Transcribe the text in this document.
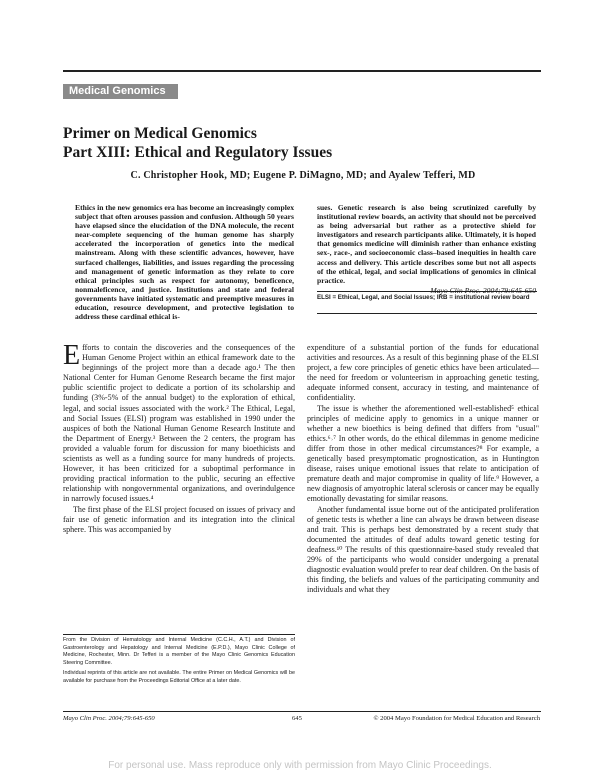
Medical Genomics
Primer on Medical Genomics
Part XIII: Ethical and Regulatory Issues
C. Christopher Hook, MD; Eugene P. DiMagno, MD; and Ayalew Tefferi, MD

Ethics in the new genomics era has become an increasingly complex subject that often arouses passion and confusion. Although 50 years have elapsed since the elucidation of the DNA molecule, the recent near-complete sequencing of the human genome has sharply accelerated the incorporation of genetics into the medical mainstream. Along with these scientific advances, however, have surfaced challenges, liabilities, and issues regarding the processing and management of genetic information as they relate to core ethical principles such as respect for autonomy, beneficence, nonmaleficence, and justice. Institutions and state and federal governments have initiated systematic and preemptive measures in education, resource development, and protective legislation to address these cardinal ethical is-

sues. Genetic research is also being scrutinized carefully by institutional review boards, an activity that should not be perceived as being adversarial but rather as a protective shield for investigators and research participants alike. Ultimately, it is hoped that genomics medicine will diminish rather than enhance existing sex-, race-, and socioeconomic class–based inequities in health care access and delivery. This article describes some but not all aspects of the ethical, legal, and social implications of genomics in clinical practice.

Mayo Clin Proc. 2004;79:645-650
ELSI = Ethical, Legal, and Social Issues; IRB = institutional review board

Efforts to contain the discoveries and the consequences of the Human Genome Project within an ethical framework date to the beginnings of the project more than a decade ago.¹ The then National Center for Human Genome Research became the first major public scientific project to dedicate a portion of its scholarship and funding (3%-5% of the annual budget) to the exploration of ethical, legal, and social issues associated with the work.² The Ethical, Legal, and Social Issues (ELSI) program was established in 1990 under the auspices of both the National Human Genome Research Institute and the Department of Energy.³ Between the 2 centers, the program has provided a valuable forum for discussion for many bioethicists and scientists as well as a funding source for many hundreds of projects. However, it has been criticized for a suboptimal performance in providing practical information to the public, securing an effective relationship with nongovernmental organizations, and overindulgence in narrowly focused issues.⁴

The first phase of the ELSI project focused on issues of privacy and fair use of genetic information and its integration into the clinical sphere. This was accompanied by

From the Division of Hematology and Internal Medicine (C.C.H., A.T.) and Division of Gastroenterology and Hepatology and Internal Medicine (E.P.D.), Mayo Clinic College of Medicine, Rochester, Minn. Dr Tefferi is a member of the Mayo Clinic Genomics Education Steering Committee.

Individual reprints of this article are not available. The entire Primer on Medical Genomics will be available for purchase from the Proceedings Editorial Office at a later date.

expenditure of a substantial portion of the funds for educational activities and resources. As a result of this beginning phase of the ELSI project, a few core principles of genetic ethics have been articulated—the need for freedom or volunteerism in approaching genetic testing, adequate informed consent, accuracy in testing, and maintenance of confidentiality.

The issue is whether the aforementioned well-established⁵ ethical principles of medicine apply to genomics in a unique manner or whether a new bioethics is being defined that differs from "usual" ethics.⁶˒⁷ In other words, do the ethical dilemmas in genome medicine differ from those in other medical circumstances?⁸ For example, a genetically based presymptomatic prognostication, as in Huntington disease, raises unique emotional issues that relate to anticipation of premature death and major compromise in quality of life.⁹ However, a new diagnosis of amyotrophic lateral sclerosis or cancer may be equally emotionally devastating for similar reasons.

Another fundamental issue borne out of the anticipated proliferation of genetic tests is whether a line can always be drawn between disease and trait. This is perhaps best demonstrated by a recent study that documented the attitudes of deaf adults toward genetic testing for deafness.¹⁰ The results of this questionnaire-based study revealed that 29% of the participants who would consider undergoing a prenatal diagnostic evaluation would prefer to rear deaf children. On the basis of this finding, the beliefs and values of the participating community and individuals and what they

Mayo Clin Proc. 2004;79:645-650	645	© 2004 Mayo Foundation for Medical Education and Research
For personal use. Mass reproduce only with permission from Mayo Clinic Proceedings.
